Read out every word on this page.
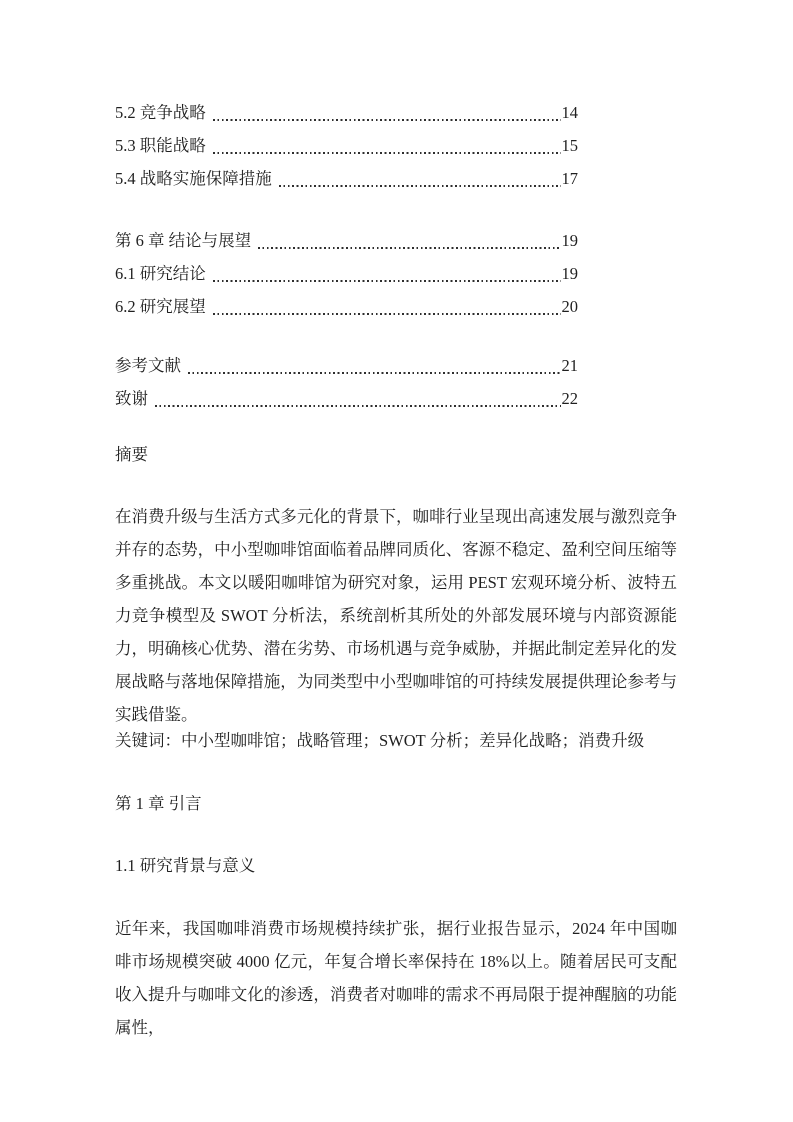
5.2 竞争战略	14
5.3 职能战略	15
5.4 战略实施保障措施	17
第 6 章 结论与展望	19
6.1 研究结论	19
6.2 研究展望	20
参考文献	21
致谢	22
摘要
在消费升级与生活方式多元化的背景下，咖啡行业呈现出高速发展与激烈竞争并存的态势，中小型咖啡馆面临着品牌同质化、客源不稳定、盈利空间压缩等多重挑战。本文以暖阳咖啡馆为研究对象，运用 PEST 宏观环境分析、波特五力竞争模型及 SWOT 分析法，系统剖析其所处的外部发展环境与内部资源能力，明确核心优势、潜在劣势、市场机遇与竞争威胁，并据此制定差异化的发展战略与落地保障措施，为同类型中小型咖啡馆的可持续发展提供理论参考与实践借鉴。
关键词：中小型咖啡馆；战略管理；SWOT 分析；差异化战略；消费升级
第 1 章 引言
1.1 研究背景与意义
近年来，我国咖啡消费市场规模持续扩张，据行业报告显示，2024 年中国咖啡市场规模突破 4000 亿元，年复合增长率保持在 18%以上。随着居民可支配收入提升与咖啡文化的渗透，消费者对咖啡的需求不再局限于提神醒脑的功能属性，
